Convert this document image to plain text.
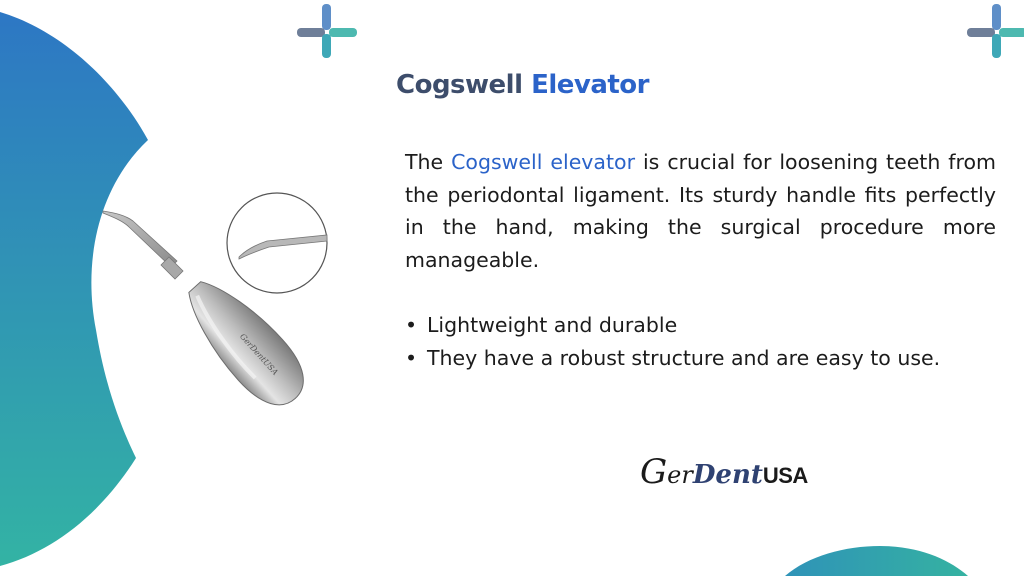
Cogswell Elevator

The Cogswell elevator is crucial for loosening teeth from the periodontal ligament. Its sturdy handle fits perfectly in the hand, making the surgical procedure more manageable.

• Lightweight and durable
• They have a robust structure and are easy to use.
GerDentUSA
GerDentUSA
